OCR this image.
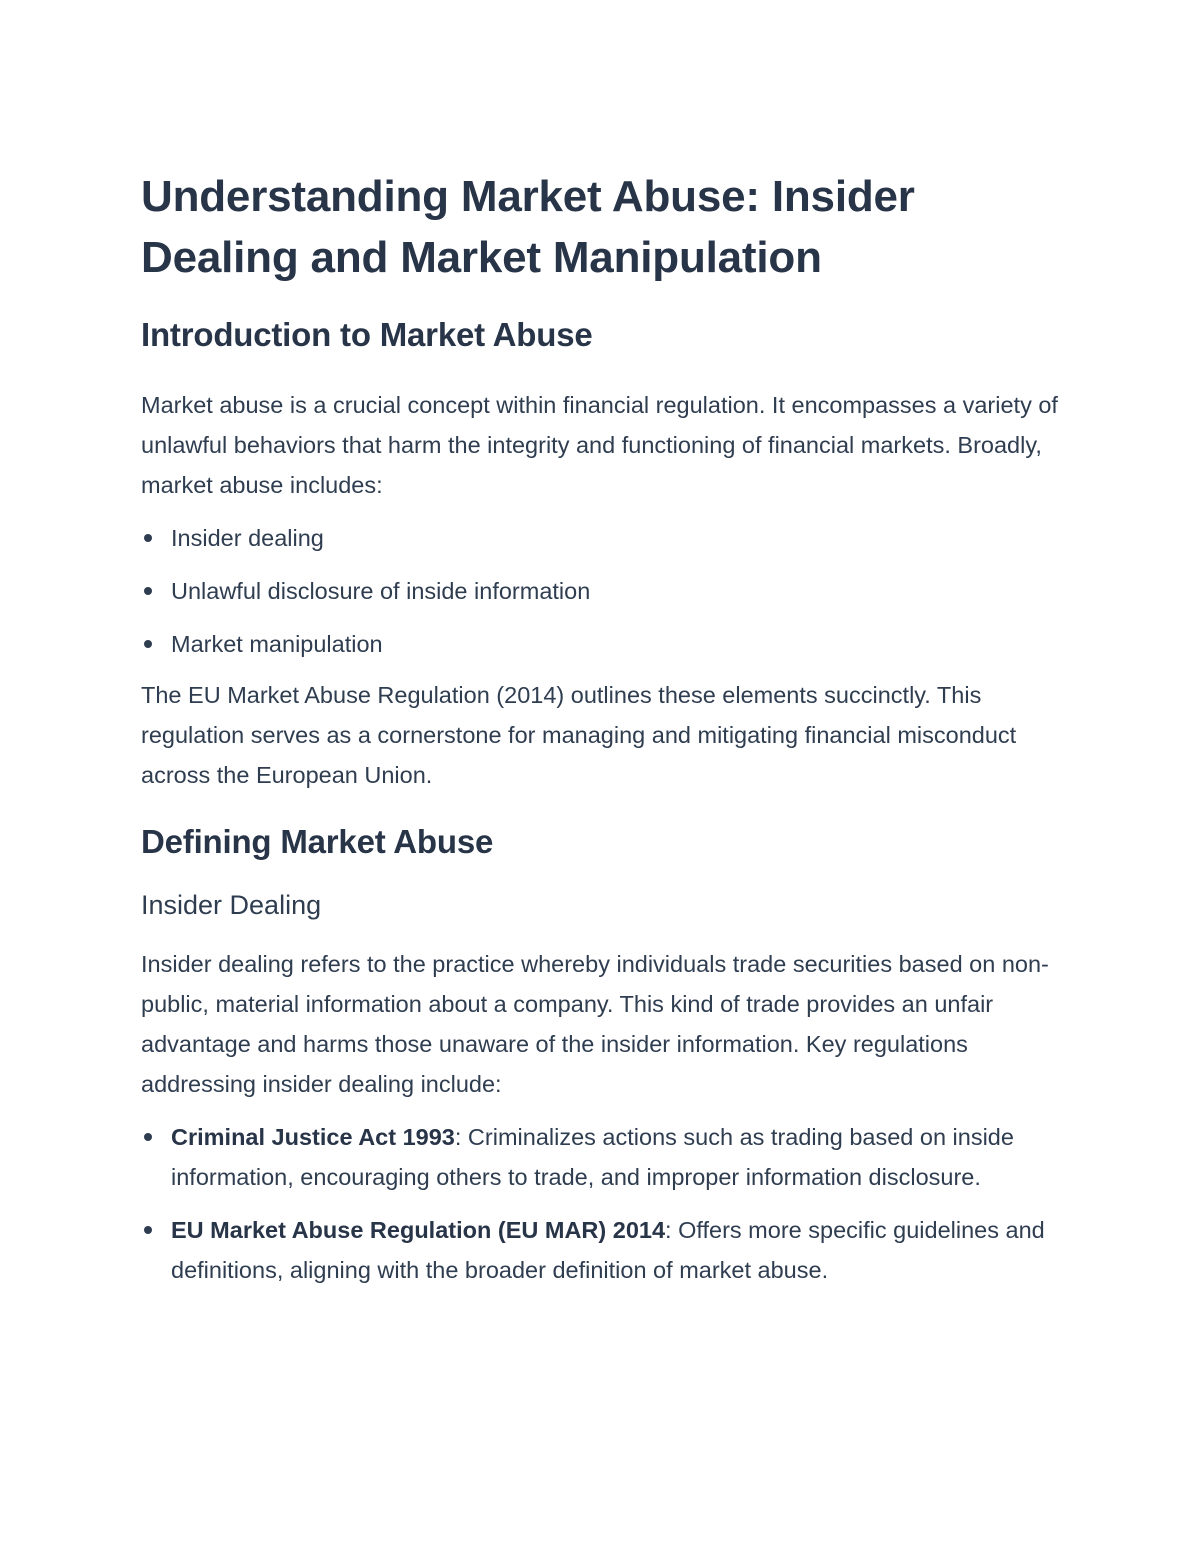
Understanding Market Abuse: Insider Dealing and Market Manipulation
Introduction to Market Abuse

Market abuse is a crucial concept within financial regulation. It encompasses a variety of unlawful behaviors that harm the integrity and functioning of financial markets. Broadly, market abuse includes:

Insider dealing
Unlawful disclosure of inside information
Market manipulation

The EU Market Abuse Regulation (2014) outlines these elements succinctly. This regulation serves as a cornerstone for managing and mitigating financial misconduct across the European Union.

Defining Market Abuse
Insider Dealing

Insider dealing refers to the practice whereby individuals trade securities based on non-public, material information about a company. This kind of trade provides an unfair advantage and harms those unaware of the insider information. Key regulations addressing insider dealing include:

Criminal Justice Act 1993: Criminalizes actions such as trading based on inside information, encouraging others to trade, and improper information disclosure.
EU Market Abuse Regulation (EU MAR) 2014: Offers more specific guidelines and definitions, aligning with the broader definition of market abuse.
